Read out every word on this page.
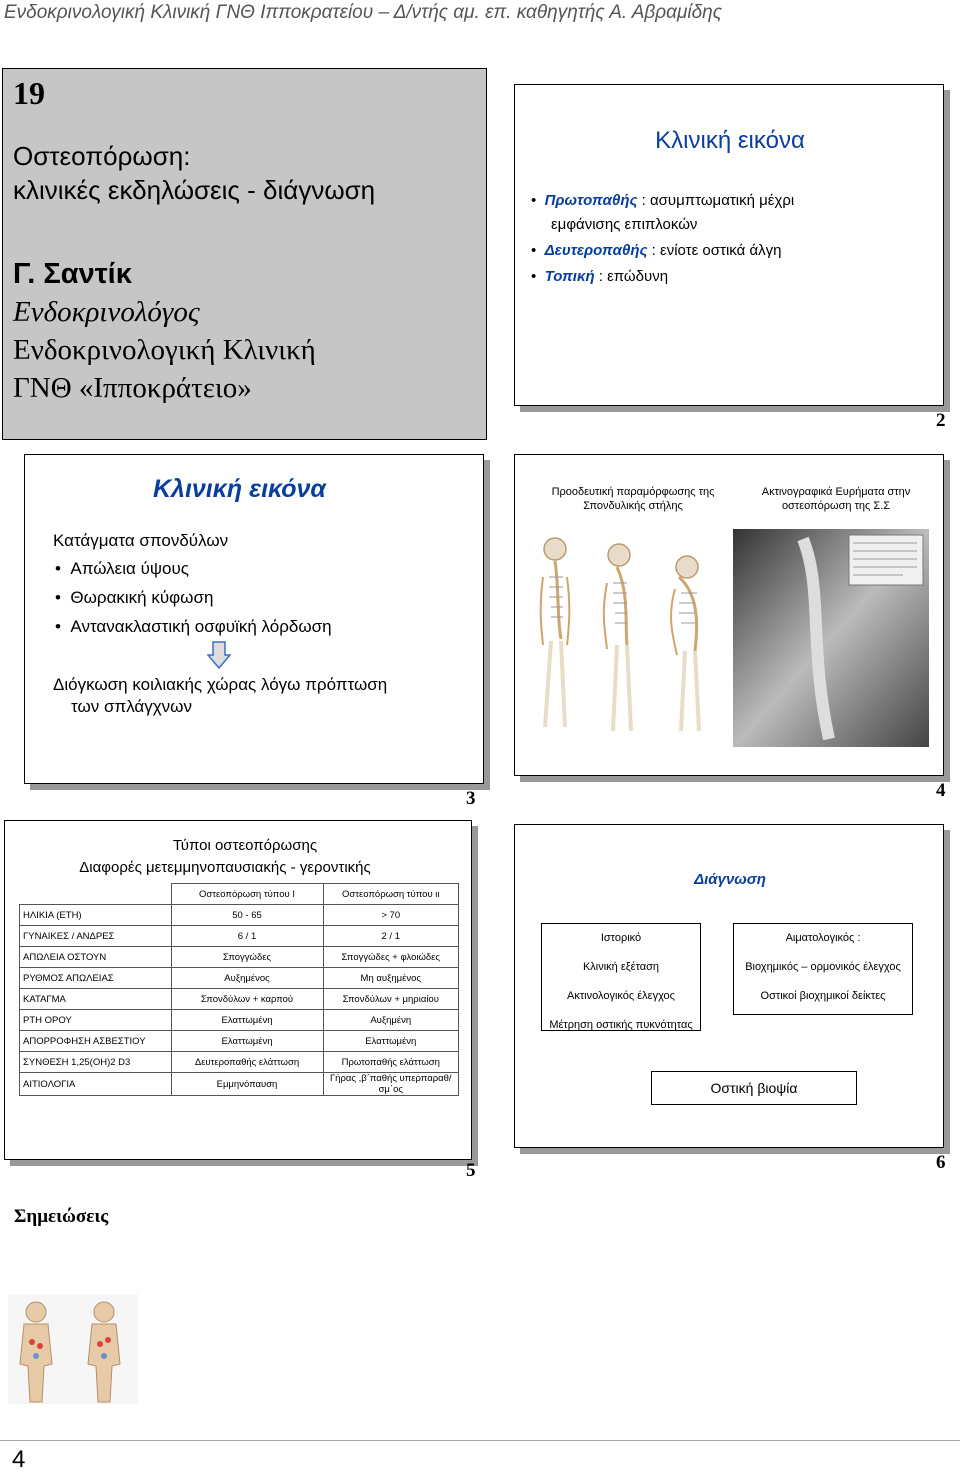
Ενδοκρινολογική Κλινική ΓΝΘ Ιπποκρατείου – Δ/ντής αμ. επ. καθηγητής Α. Αβραμίδης
19
Οστεοπόρωση:
κλινικές εκδηλώσεις - διάγνωση
Γ. Σαντίκ
Ενδοκρινολόγος
Ενδοκρινολογική Κλινική
ΓΝΘ «Ιπποκράτειο»
Κλινική εικόνα
•  Πρωτοπαθής : ασυμπτωματική μέχρι
εμφάνισης επιπλοκών
•  Δευτεροπαθής : ενίοτε οστικά άλγη
•  Τοπική : επώδυνη
2
Κλινική εικόνα
Κατάγματα σπονδύλων
•  Απώλεια ύψους
•  Θωρακική κύφωση
•  Αντανακλαστική οσφυϊκή λόρδωση
Διόγκωση κοιλιακής χώρας λόγω πρόπτωση
των σπλάγχνων
3
Προοδευτική παραμόρφωσης της
Σπονδυλικής στήλης
Ακτινογραφικά Ευρήματα στην
οστεοπόρωση της Σ.Σ
4
Τύποι οστεοπόρωσης
Διαφορές μετεμμηνοπαυσιακής - γεροντικής
	Οστεοπόρωση τύπου Ι	Οστεοπόρωση τύπου ιι
ΗΛΙΚΙΑ (ΕΤΗ)	50 - 65	> 70
ΓΥΝΑΙΚΕΣ / ΑΝΔΡΕΣ	6 / 1	2 / 1
ΑΠΩΛΕΙΑ ΟΣΤΟΥΝ	Σπογγώδες	Σπογγώδες + φλοιώδες
ΡΥΘΜΟΣ ΑΠΩΛΕΙΑΣ	Αυξημένος	Μη αυξημένος
ΚΑΤΑΓΜΑ	Σπονδύλων + καρπού	Σπονδύλων + μηριαίου
ΡΤΗ ΟΡΟΥ	Ελαττωμένη	Αυξημένη
ΑΠΟΡΡΟΦΗΣΗ ΑΣΒΕΣΤΙΟΥ	Ελαττωμένη	Ελαττωμένη
ΣΥΝΘΕΣΗ 1,25(ΟΗ)2 D3	Δευτεροπαθής ελάττωση	Πρωτοπαθής ελάττωση
ΑΙΤΙΟΛΟΓΙΑ	Εμμηνόπαυση	Γήρας ,β΄παθής υπερπαραθ/σμ΄ος
5
Διάγνωση
Ιστορικό
Κλινική εξέταση
Ακτινολογικός έλεγχος
Μέτρηση οστικής πυκνότητας
Αιματολογικός :
Βιοχημικός – ορμονικός έλεγχος
Οστικοί βιοχημικοί δείκτες
Οστική βιοψία
6
Σημειώσεις
4
